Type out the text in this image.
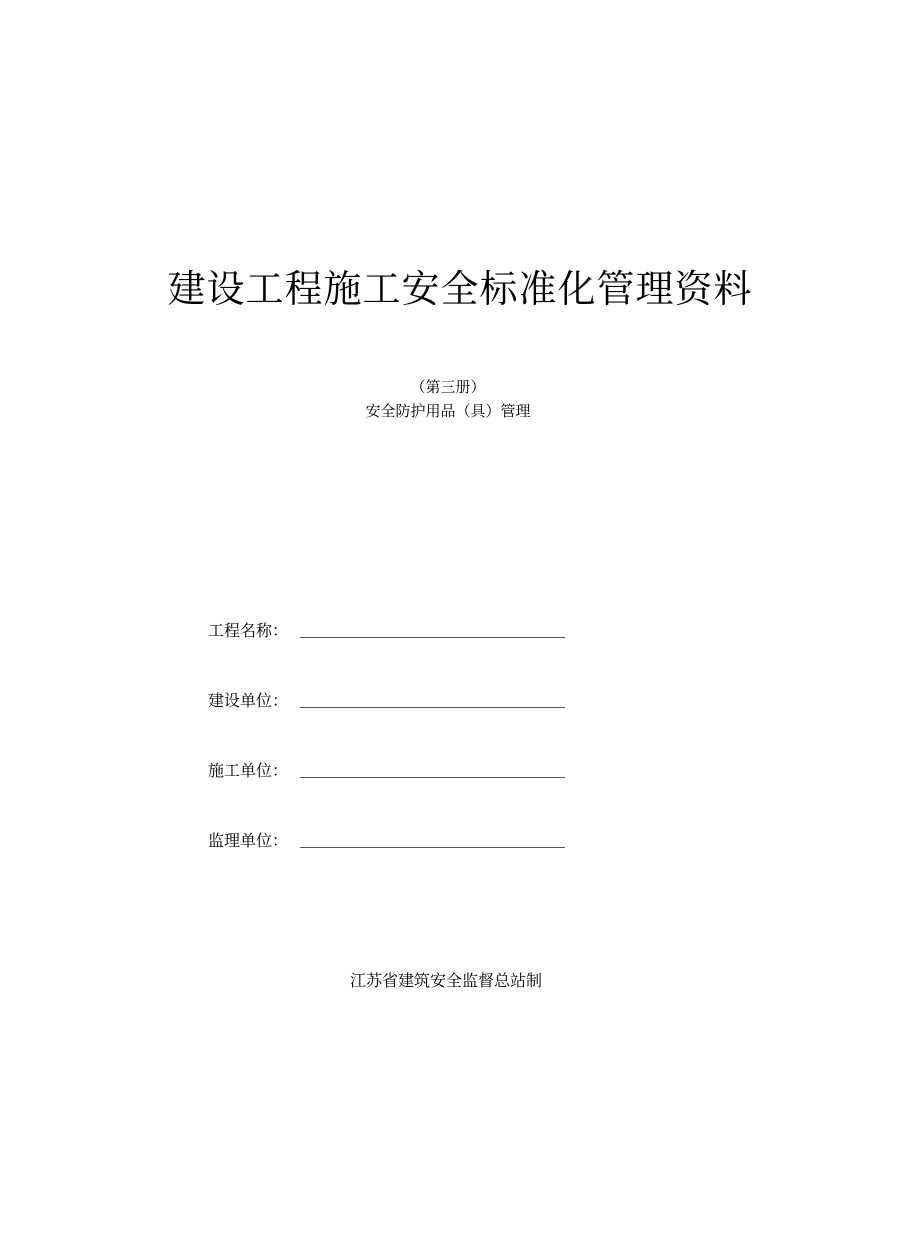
建设工程施工安全标准化管理资料
（第三册）
安全防护用品（具）管理
工程名称：
建设单位：
施工单位：
监理单位：
江苏省建筑安全监督总站制
